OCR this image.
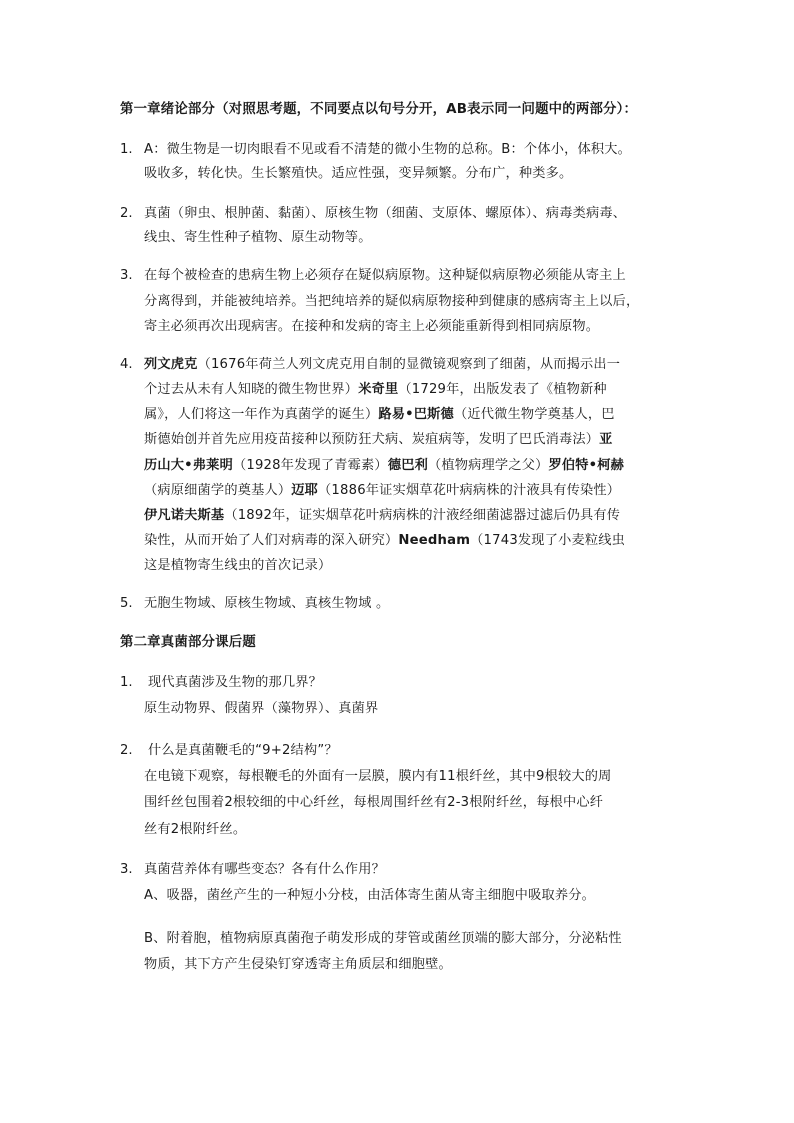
第一章绪论部分（对照思考题，不同要点以句号分开，AB表示同一问题中的两部分）：
1. A：微生物是一切肉眼看不见或看不清楚的微小生物的总称。B：个体小，体积大。
吸收多，转化快。生长繁殖快。适应性强，变异频繁。分布广，种类多。
2. 真菌（卵虫、根肿菌、黏菌）、原核生物（细菌、支原体、螺原体）、病毒类病毒、
线虫、寄生性种子植物、原生动物等。
3. 在每个被检查的患病生物上必须存在疑似病原物。这种疑似病原物必须能从寄主上
分离得到，并能被纯培养。当把纯培养的疑似病原物接种到健康的感病寄主上以后，
寄主必须再次出现病害。在接种和发病的寄主上必须能重新得到相同病原物。
4. 列文虎克（1676年荷兰人列文虎克用自制的显微镜观察到了细菌，从而揭示出一
个过去从未有人知晓的微生物世界）米奇里（1729年，出版发表了《植物新种
属》，人们将这一年作为真菌学的诞生）路易•巴斯德（近代微生物学奠基人，巴
斯德始创并首先应用疫苗接种以预防狂犬病、炭疽病等，发明了巴氏消毒法）亚
历山大•弗莱明（1928年发现了青霉素）德巴利（植物病理学之父）罗伯特•柯赫
（病原细菌学的奠基人）迈耶（1886年证实烟草花叶病病株的汁液具有传染性）
伊凡诺夫斯基（1892年，证实烟草花叶病病株的汁液经细菌滤器过滤后仍具有传
染性，从而开始了人们对病毒的深入研究）Needham（1743发现了小麦粒线虫
这是植物寄生线虫的首次记录）
5. 无胞生物域、原核生物域、真核生物域 。
第二章真菌部分课后题
1. 现代真菌涉及生物的那几界？
原生动物界、假菌界（藻物界）、真菌界
2. 什么是真菌鞭毛的“9+2结构”？
在电镜下观察，每根鞭毛的外面有一层膜，膜内有11根纤丝，其中9根较大的周
围纤丝包围着2根较细的中心纤丝，每根周围纤丝有2-3根附纤丝，每根中心纤
丝有2根附纤丝。
3. 真菌营养体有哪些变态？各有什么作用？
A、吸器，菌丝产生的一种短小分枝，由活体寄生菌从寄主细胞中吸取养分。
B、附着胞，植物病原真菌孢子萌发形成的芽管或菌丝顶端的膨大部分，分泌粘性
物质，其下方产生侵染钉穿透寄主角质层和细胞壁。
